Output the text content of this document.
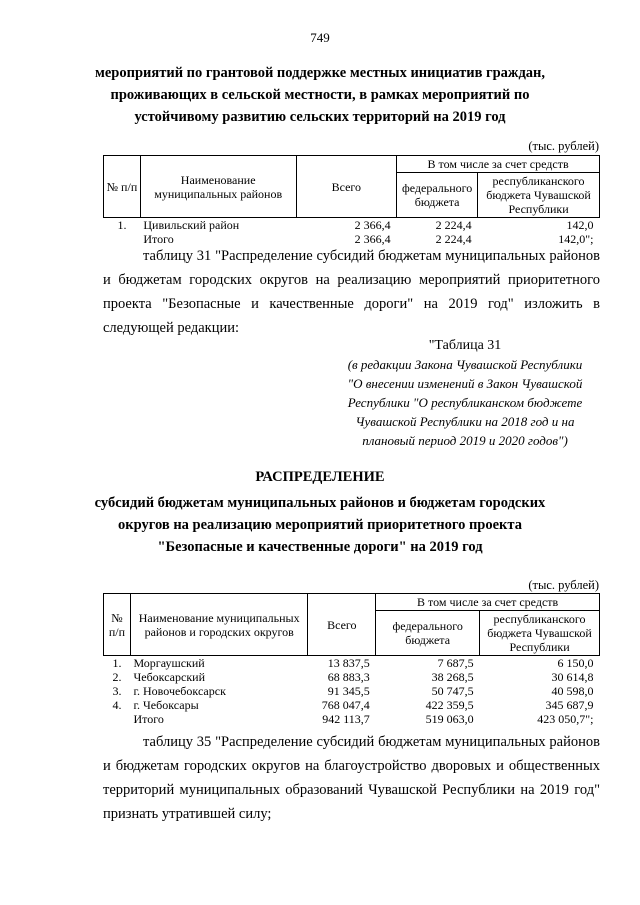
749
мероприятий по грантовой поддержке местных инициатив граждан,
проживающих в сельской местности, в рамках мероприятий по
устойчивому развитию сельских территорий на 2019 год
(тыс. рублей)
№ п/п	Наименование муниципальных районов	Всего	В том числе за счет средств	
			федерального бюджета	республиканского бюджета Чувашской Республики
1.	Цивильский район	2 366,4	2 224,4	142,0
	Итого	2 366,4	2 224,4	142,0";
таблицу 31 "Распределение субсидий бюджетам муниципальных районов и бюджетам городских округов на реализацию мероприятий приоритетного проекта "Безопасные и качественные дороги" на 2019 год" изложить в следующей редакции:
"Таблица 31
(в редакции Закона Чувашской Республики
"О внесении изменений в Закон Чувашской
Республики "О республиканском бюджете
Чувашской Республики на 2018 год и на
плановый период 2019 и 2020 годов")
РАСПРЕДЕЛЕНИЕ
субсидий бюджетам муниципальных районов и бюджетам городских
округов на реализацию мероприятий приоритетного проекта
"Безопасные и качественные дороги" на 2019 год
(тыс. рублей)
№ п/п	Наименование муниципальных районов и городских округов	Всего	В том числе за счет средств	
			федерального бюджета	республиканского бюджета Чувашской Республики
1.	Моргаушский	13 837,5	7 687,5	6 150,0
2.	Чебоксарский	68 883,3	38 268,5	30 614,8
3.	г. Новочебоксарск	91 345,5	50 747,5	40 598,0
4.	г. Чебоксары	768 047,4	422 359,5	345 687,9
	Итого	942 113,7	519 063,0	423 050,7";
таблицу 35 "Распределение субсидий бюджетам муниципальных районов и бюджетам городских округов на благоустройство дворовых и общественных территорий муниципальных образований Чувашской Республики на 2019 год" признать утратившей силу;
